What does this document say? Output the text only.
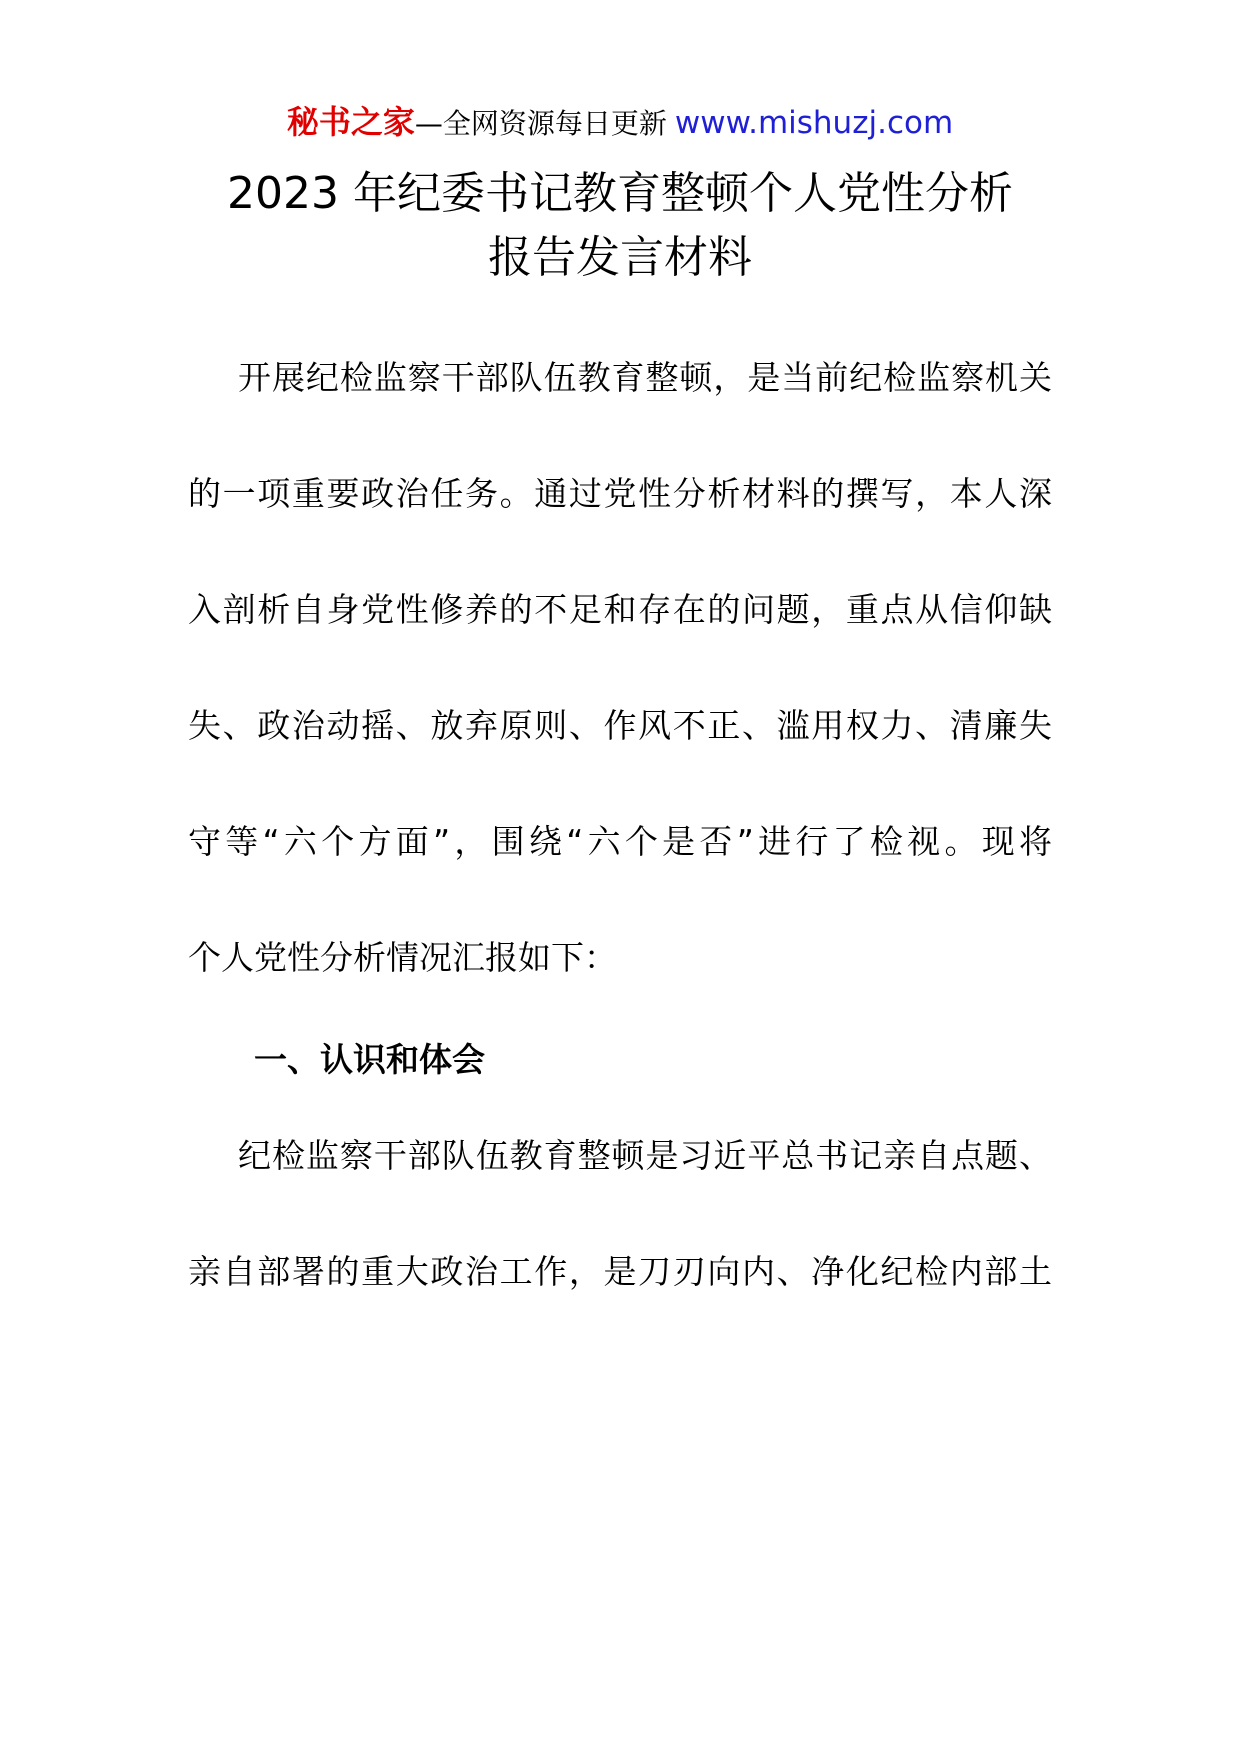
秘书之家—全网资源每日更新 www.mishuzj.com
2023 年纪委书记教育整顿个人党性分析
报告发言材料
开展纪检监察干部队伍教育整顿，是当前纪检监察机关
的一项重要政治任务。通过党性分析材料的撰写，本人深
入剖析自身党性修养的不足和存在的问题，重点从信仰缺
失、政治动摇、放弃原则、作风不正、滥用权力、清廉失
守等“六个方面”，围绕“六个是否”进行了检视。现将
个人党性分析情况汇报如下：
一、认识和体会
纪检监察干部队伍教育整顿是习近平总书记亲自点题、
亲自部署的重大政治工作，是刀刃向内、净化纪检内部土
